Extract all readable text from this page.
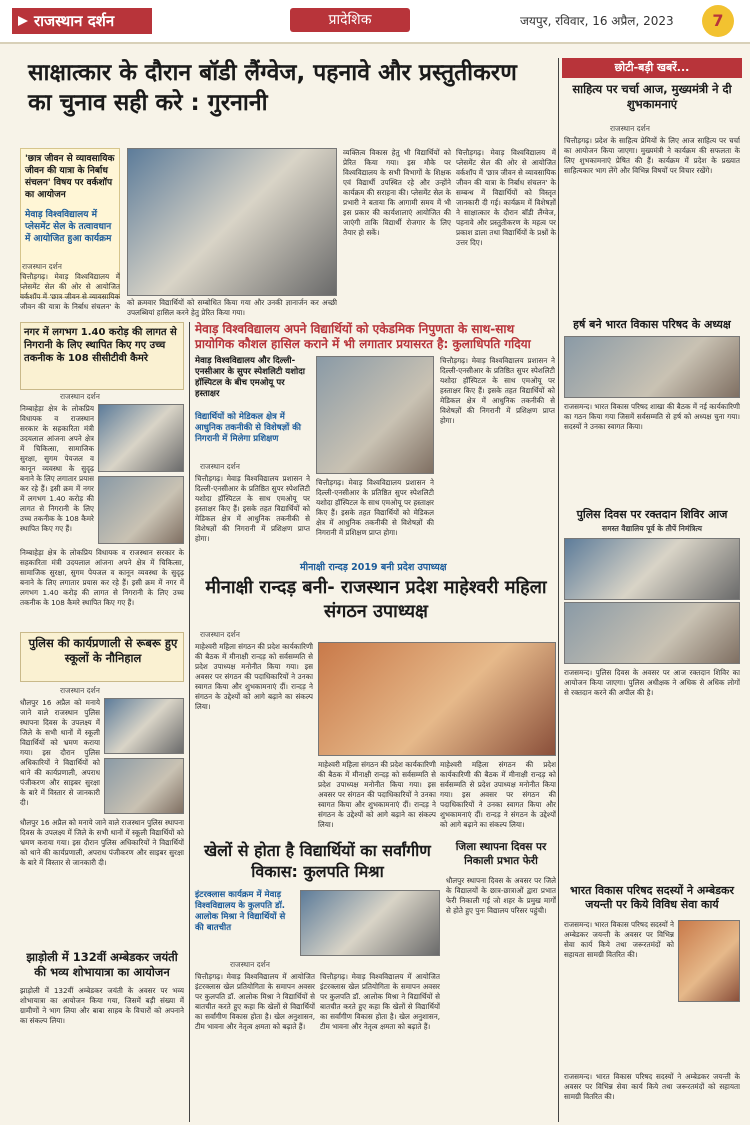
राजस्थान दर्शन	प्रादेशिक	जयपुर, रविवार, 16 अप्रैल, 2023	7
साक्षात्कार के दौरान बॉडी लैंग्वेज, पहनावे और प्रस्तुतीकरण का चुनाव सही करे : गुरनानी
'छात्र जीवन से व्यावसायिक जीवन की यात्रा के निर्बाध संचलन' विषय पर वर्कशॉप का आयोजन
मेवाड़ विश्वविद्यालय में प्लेसमेंट सेल के तत्वावधान में आयोजित हुआ कार्यक्रम
राजस्थान दर्शन
चित्तौड़गढ़। मेवाड़ विश्वविद्यालय में प्लेसमेंट सेल की ओर से आयोजित वर्कशॉप में 'छात्र जीवन से व्यावसायिक जीवन की यात्रा के निर्बाध संचलन' के को क्रमवार विद्यार्थियों को सम्बोधित किया गया और उनकी ज्ञानार्जन कर अच्छी उपलब्धियां हासिल करने हेतु प्रेरित किया गया।
व्यक्तित्व विकास हेतु भी विद्यार्थियों को प्रेरित किया गया। इस मौके पर विश्वविद्यालय के सभी विभागों के शिक्षक एवं विद्यार्थी उपस्थित रहे और उन्होंने कार्यक्रम की सराहना की। प्लेसमेंट सेल के प्रभारी ने बताया कि आगामी समय में भी इस प्रकार की कार्यशालाएं आयोजित की जाएंगी ताकि विद्यार्थी रोजगार के लिए तैयार हो सकें।
चित्तौड़गढ़। मेवाड़ विश्वविद्यालय में प्लेसमेंट सेल की ओर से आयोजित वर्कशॉप में 'छात्र जीवन से व्यावसायिक जीवन की यात्रा के निर्बाध संचलन' के सम्बन्ध में विद्यार्थियों को विस्तृत जानकारी दी गई। कार्यक्रम में विशेषज्ञों ने साक्षात्कार के दौरान बॉडी लैंग्वेज, पहनावे और प्रस्तुतीकरण के महत्व पर प्रकाश डाला तथा विद्यार्थियों के प्रश्नों के उत्तर दिए।
छोटी-बड़ी खबरें...
साहित्य पर चर्चा आज, मुख्यमंत्री ने दी शुभकामनाएं
राजस्थान दर्शन
चित्तौड़गढ़। प्रदेश के साहित्य प्रेमियों के लिए आज साहित्य पर चर्चा का आयोजन किया जाएगा। मुख्यमंत्री ने कार्यक्रम की सफलता के लिए शुभकामनाएं प्रेषित की हैं। कार्यक्रम में प्रदेश के प्रख्यात साहित्यकार भाग लेंगे और विभिन्न विषयों पर विचार रखेंगे।
हर्ष बने भारत विकास परिषद के अध्यक्ष
राजसमन्द। भारत विकास परिषद शाखा की बैठक में नई कार्यकारिणी का गठन किया गया जिसमें सर्वसम्मति से हर्ष को अध्यक्ष चुना गया। सदस्यों ने उनका स्वागत किया।
पुलिस दिवस पर रक्तदान शिविर आज
समस्त वैद्यालिय पूर्व के तौपें निमंत्रित्य
राजसमन्द। पुलिस दिवस के अवसर पर आज रक्तदान शिविर का आयोजन किया जाएगा। पुलिस अधीक्षक ने अधिक से अधिक लोगों से रक्तदान करने की अपील की है।
भारत विकास परिषद सदस्यों ने अम्बेडकर जयन्ती पर किये विविध सेवा कार्य
राजसमन्द। भारत विकास परिषद सदस्यों ने अम्बेडकर जयन्ती के अवसर पर विभिन्न सेवा कार्य किये तथा जरूरतमंदों को सहायता सामग्री वितरित की।
राजसमन्द। भारत विकास परिषद सदस्यों ने अम्बेडकर जयन्ती के अवसर पर विभिन्न सेवा कार्य किये तथा जरूरतमंदों को सहायता सामग्री वितरित की।
नगर में लगभग 1.40 करोड़ की लागत से निगरानी के लिए स्थापित किए गए उच्च तकनीक के 108 सीसीटीवी कैमरे
राजस्थान दर्शन
निम्बाहेड़ा क्षेत्र के लोकप्रिय विधायक व राजस्थान सरकार के सहकारिता मंत्री उदयलाल आंजना अपने क्षेत्र में चिकित्सा, सामाजिक सुरक्षा, सुगम पेयजल व कानून व्यवस्था के सुदृढ़ बनाने के लिए लगातार प्रयास कर रहे हैं। इसी क्रम में नगर में लगभग 1.40 करोड़ की लागत से निगरानी के लिए उच्च तकनीक के 108 कैमरे स्थापित किए गए हैं।
निम्बाहेड़ा क्षेत्र के लोकप्रिय विधायक व राजस्थान सरकार के सहकारिता मंत्री उदयलाल आंजना अपने क्षेत्र में चिकित्सा, सामाजिक सुरक्षा, सुगम पेयजल व कानून व्यवस्था के सुदृढ़ बनाने के लिए लगातार प्रयास कर रहे हैं। इसी क्रम में नगर में लगभग 1.40 करोड़ की लागत से निगरानी के लिए उच्च तकनीक के 108 कैमरे स्थापित किए गए हैं।
मेवाड़ विश्वविद्यालय अपने विद्यार्थियों को एकेडमिक निपुणता के साथ-साथ प्रायोगिक कौशल हासिल कराने में भी लगातार प्रयासरत है: कुलाधिपति गदिया
मेवाड़ विश्वविद्यालय और दिल्ली-एनसीआर के सुपर स्पेशलिटी यशोदा हॉस्पिटल के बीच एमओयू पर हस्ताक्षर
विद्यार्थियों को मेडिकल क्षेत्र में आधुनिक तकनीकी से विशेषज्ञों की निगरानी में मिलेगा प्रशिक्षण
राजस्थान दर्शन
चित्तौड़गढ़। मेवाड़ विश्वविद्यालय प्रशासन ने दिल्ली-एनसीआर के प्रतिष्ठित सुपर स्पेशलिटी यशोदा हॉस्पिटल के साथ एमओयू पर हस्ताक्षर किए हैं। इसके तहत विद्यार्थियों को मेडिकल क्षेत्र में आधुनिक तकनीकी से विशेषज्ञों की निगरानी में प्रशिक्षण प्राप्त होगा।
चित्तौड़गढ़। मेवाड़ विश्वविद्यालय प्रशासन ने दिल्ली-एनसीआर के प्रतिष्ठित सुपर स्पेशलिटी यशोदा हॉस्पिटल के साथ एमओयू पर हस्ताक्षर किए हैं। इसके तहत विद्यार्थियों को मेडिकल क्षेत्र में आधुनिक तकनीकी से विशेषज्ञों की निगरानी में प्रशिक्षण प्राप्त होगा।
चित्तौड़गढ़। मेवाड़ विश्वविद्यालय प्रशासन ने दिल्ली-एनसीआर के प्रतिष्ठित सुपर स्पेशलिटी यशोदा हॉस्पिटल के साथ एमओयू पर हस्ताक्षर किए हैं। इसके तहत विद्यार्थियों को मेडिकल क्षेत्र में आधुनिक तकनीकी से विशेषज्ञों की निगरानी में प्रशिक्षण प्राप्त होगा।
मीनाक्षी रान्दड़ 2019 बनी प्रदेश उपाध्यक्ष
मीनाक्षी रान्दड़ बनी- राजस्थान प्रदेश माहेश्वरी महिला संगठन उपाध्यक्ष
राजस्थान दर्शन
माहेश्वरी महिला संगठन की प्रदेश कार्यकारिणी की बैठक में मीनाक्षी रान्दड़ को सर्वसम्मति से प्रदेश उपाध्यक्ष मनोनीत किया गया। इस अवसर पर संगठन की पदाधिकारियों ने उनका स्वागत किया और शुभकामनाएं दीं। रान्दड़ ने संगठन के उद्देश्यों को आगे बढ़ाने का संकल्प लिया।
माहेश्वरी महिला संगठन की प्रदेश कार्यकारिणी की बैठक में मीनाक्षी रान्दड़ को सर्वसम्मति से प्रदेश उपाध्यक्ष मनोनीत किया गया। इस अवसर पर संगठन की पदाधिकारियों ने उनका स्वागत किया और शुभकामनाएं दीं। रान्दड़ ने संगठन के उद्देश्यों को आगे बढ़ाने का संकल्प लिया।
माहेश्वरी महिला संगठन की प्रदेश कार्यकारिणी की बैठक में मीनाक्षी रान्दड़ को सर्वसम्मति से प्रदेश उपाध्यक्ष मनोनीत किया गया। इस अवसर पर संगठन की पदाधिकारियों ने उनका स्वागत किया और शुभकामनाएं दीं। रान्दड़ ने संगठन के उद्देश्यों को आगे बढ़ाने का संकल्प लिया।
पुलिस की कार्यप्रणाली से रूबरू हुए स्कूलों के नौनिहाल
राजस्थान दर्शन
धौलपुर 16 अप्रैल को मनाये जाने वाले राजस्थान पुलिस स्थापना दिवस के उपलक्ष्य में जिले के सभी थानों में स्कूली विद्यार्थियों को भ्रमण कराया गया। इस दौरान पुलिस अधिकारियों ने विद्यार्थियों को थाने की कार्यप्रणाली, अपराध पंजीकरण और साइबर सुरक्षा के बारे में विस्तार से जानकारी दी।
धौलपुर 16 अप्रैल को मनाये जाने वाले राजस्थान पुलिस स्थापना दिवस के उपलक्ष्य में जिले के सभी थानों में स्कूली विद्यार्थियों को भ्रमण कराया गया। इस दौरान पुलिस अधिकारियों ने विद्यार्थियों को थाने की कार्यप्रणाली, अपराध पंजीकरण और साइबर सुरक्षा के बारे में विस्तार से जानकारी दी।
खेलों से होता है विद्यार्थियों का सर्वांगीण विकास: कुलपति मिश्रा
इंटरक्लास कार्यक्रम में मेवाड़ विश्वविद्यालय के कुलपति डॉ. आलोक मिश्रा ने विद्यार्थियों से की बातचीत
राजस्थान दर्शन
चित्तौड़गढ़। मेवाड़ विश्वविद्यालय में आयोजित इंटरक्लास खेल प्रतियोगिता के समापन अवसर पर कुलपति डॉ. आलोक मिश्रा ने विद्यार्थियों से बातचीत करते हुए कहा कि खेलों से विद्यार्थियों का सर्वांगीण विकास होता है। खेल अनुशासन, टीम भावना और नेतृत्व क्षमता को बढ़ाते हैं।
चित्तौड़गढ़। मेवाड़ विश्वविद्यालय में आयोजित इंटरक्लास खेल प्रतियोगिता के समापन अवसर पर कुलपति डॉ. आलोक मिश्रा ने विद्यार्थियों से बातचीत करते हुए कहा कि खेलों से विद्यार्थियों का सर्वांगीण विकास होता है। खेल अनुशासन, टीम भावना और नेतृत्व क्षमता को बढ़ाते हैं।
जिला स्थापना दिवस पर निकाली प्रभात फेरी
धौलपुर स्थापना दिवस के अवसर पर जिले के विद्यालयों के छात्र-छात्राओं द्वारा प्रभात फेरी निकाली गई जो शहर के प्रमुख मार्गों से होते हुए पुनः विद्यालय परिसर पहुंची।
झाड़ोली में 132वीं अम्बेडकर जयंती की भव्य शोभायात्रा का आयोजन
झाड़ोली में 132वीं अम्बेडकर जयंती के अवसर पर भव्य शोभायात्रा का आयोजन किया गया, जिसमें बड़ी संख्या में ग्रामीणों ने भाग लिया और बाबा साहब के विचारों को अपनाने का संकल्प लिया।
